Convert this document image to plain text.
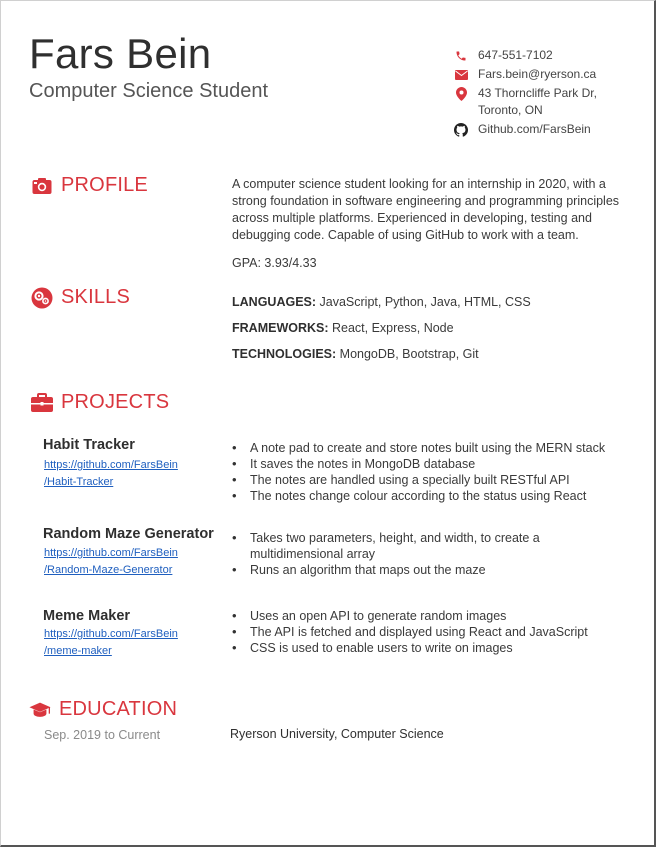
Fars Bein
Computer Science Student
647-551-7102
Fars.bein@ryerson.ca
43 Thorncliffe Park Dr,
Toronto, ON
Github.com/FarsBein
PROFILE	A computer science student looking for an internship in 2020, with a strong foundation in software engineering and programming principles across multiple platforms. Experienced in developing, testing and debugging code. Capable of using GitHub to work with a team.
GPA: 3.93/4.33
SKILLS	LANGUAGES: JavaScript, Python, Java, HTML, CSS
FRAMEWORKS: React, Express, Node
TECHNOLOGIES: MongoDB, Bootstrap, Git
PROJECTS
Habit Tracker
https://github.com/FarsBein
/Habit-Tracker
• A note pad to create and store notes built using the MERN stack
• It saves the notes in MongoDB database
• The notes are handled using a specially built RESTful API
• The notes change colour according to the status using React
Random Maze Generator
https://github.com/FarsBein
/Random-Maze-Generator
• Takes two parameters, height, and width, to create a multidimensional array
• Runs an algorithm that maps out the maze
Meme Maker
https://github.com/FarsBein
/meme-maker
• Uses an open API to generate random images
• The API is fetched and displayed using React and JavaScript
• CSS is used to enable users to write on images
EDUCATION
Sep. 2019 to Current	Ryerson University, Computer Science
